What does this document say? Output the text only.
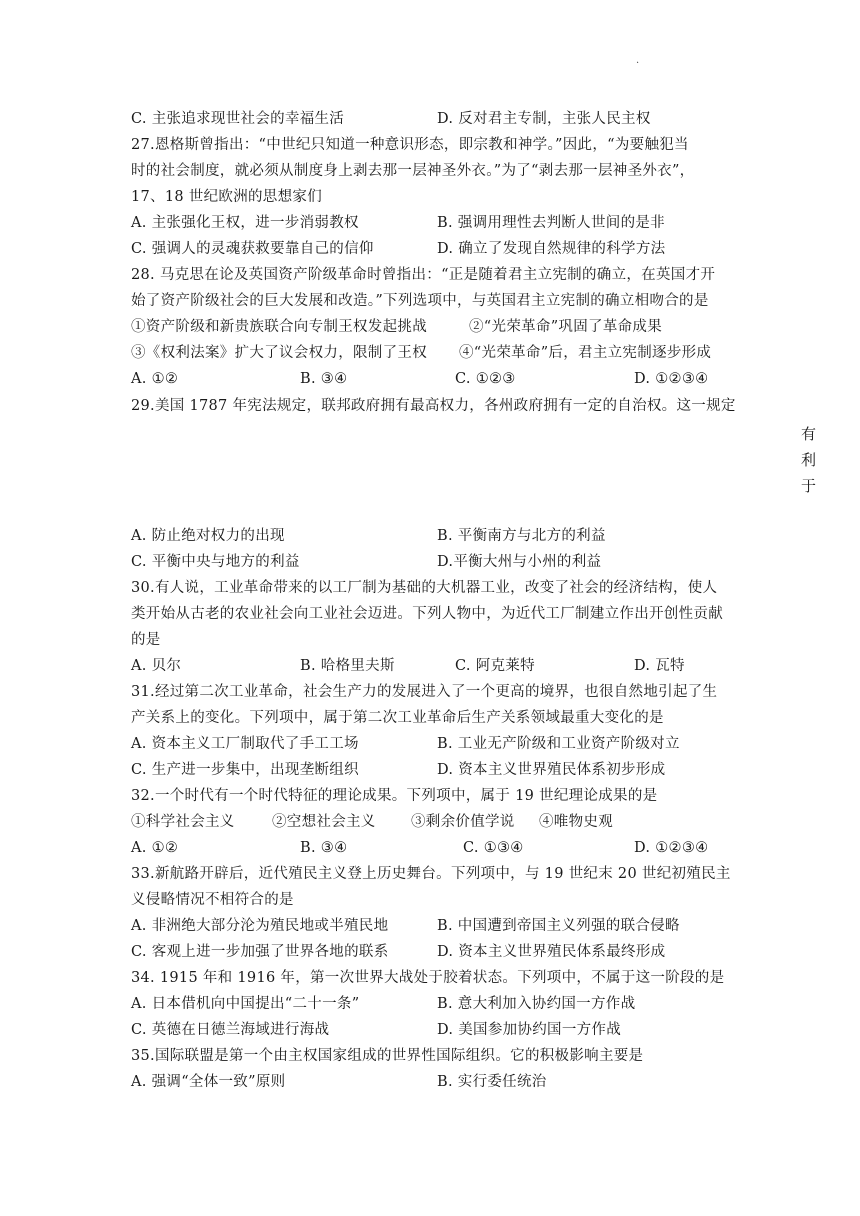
·
C. 主张追求现世社会的幸福生活	D. 反对君主专制，主张人民主权
27.恩格斯曾指出：“中世纪只知道一种意识形态，即宗教和神学。”因此，“为要触犯当
时的社会制度，就必须从制度身上剥去那一层神圣外衣。”为了“剥去那一层神圣外衣”，
17、18 世纪欧洲的思想家们
A. 主张强化王权，进一步消弱教权	B. 强调用理性去判断人世间的是非
C. 强调人的灵魂获救要靠自己的信仰	D. 确立了发现自然规律的科学方法
28. 马克思在论及英国资产阶级革命时曾指出：“正是随着君主立宪制的确立，在英国才开
始了资产阶级社会的巨大发展和改造。”下列选项中，与英国君主立宪制的确立相吻合的是
①资产阶级和新贵族联合向专制王权发起挑战	②“光荣革命”巩固了革命成果
③《权利法案》扩大了议会权力，限制了王权 ④“光荣革命”后，君主立宪制逐步形成
A. ①②	B. ③④	C. ①②③	D. ①②③④
29.美国 1787 年宪法规定，联邦政府拥有最高权力，各州政府拥有一定的自治权。这一规定
有
利
于
A. 防止绝对权力的出现	B. 平衡南方与北方的利益
C. 平衡中央与地方的利益	D.平衡大州与小州的利益
30.有人说，工业革命带来的以工厂制为基础的大机器工业，改变了社会的经济结构，使人
类开始从古老的农业社会向工业社会迈进。下列人物中，为近代工厂制建立作出开创性贡献
的是
A. 贝尔	B. 哈格里夫斯	C. 阿克莱特	D. 瓦特
31.经过第二次工业革命，社会生产力的发展进入了一个更高的境界，也很自然地引起了生
产关系上的变化。下列项中，属于第二次工业革命后生产关系领域最重大变化的是
A. 资本主义工厂制取代了手工工场	B. 工业无产阶级和工业资产阶级对立
C. 生产进一步集中，出现垄断组织	D. 资本主义世界殖民体系初步形成
32.一个时代有一个时代特征的理论成果。下列项中，属于 19 世纪理论成果的是
①科学社会主义	②空想社会主义 ③剩余价值学说 ④唯物史观
A. ①②	B. ③④	C. ①③④	D. ①②③④
33.新航路开辟后，近代殖民主义登上历史舞台。下列项中，与 19 世纪末 20 世纪初殖民主
义侵略情况不相符合的是
A. 非洲绝大部分沦为殖民地或半殖民地	B. 中国遭到帝国主义列强的联合侵略
C. 客观上进一步加强了世界各地的联系	D. 资本主义世界殖民体系最终形成
34. 1915 年和 1916 年，第一次世界大战处于胶着状态。下列项中，不属于这一阶段的是
A. 日本借机向中国提出“二十一条”	B. 意大利加入协约国一方作战
C. 英德在日德兰海域进行海战	D. 美国参加协约国一方作战
35.国际联盟是第一个由主权国家组成的世界性国际组织。它的积极影响主要是
A. 强调“全体一致”原则	B. 实行委任统治
